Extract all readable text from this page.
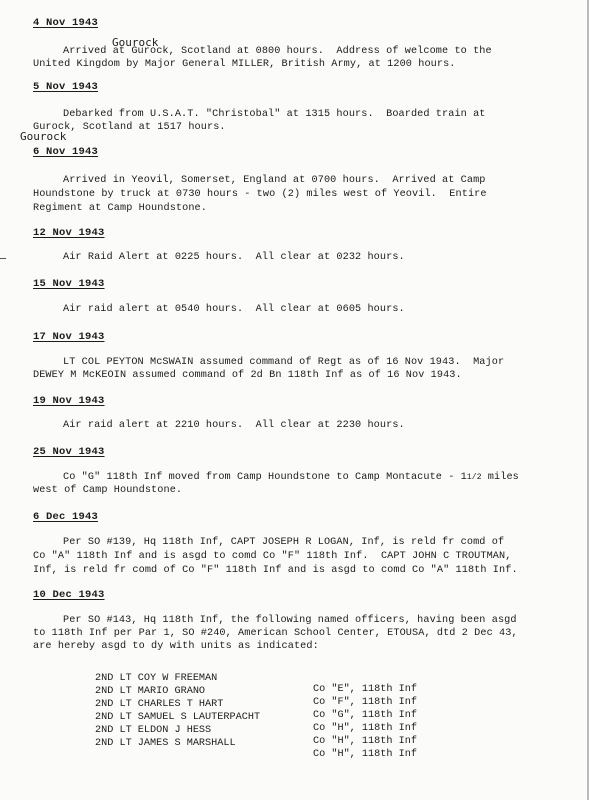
4 Nov 1943
Gourock
Arrived at Gurock, Scotland at 0800 hours.  Address of welcome to the
United Kingdom by Major General MILLER, British Army, at 1200 hours.
5 Nov 1943
Debarked from U.S.A.T. "Christobal" at 1315 hours.  Boarded train at
Gurock, Scotland at 1517 hours.
Gourock
6 Nov 1943
Arrived in Yeovil, Somerset, England at 0700 hours.  Arrived at Camp
Houndstone by truck at 0730 hours - two (2) miles west of Yeovil.  Entire
Regiment at Camp Houndstone.
12 Nov 1943
Air Raid Alert at 0225 hours.  All clear at 0232 hours.
15 Nov 1943
Air raid alert at 0540 hours.  All clear at 0605 hours.
17 Nov 1943
LT COL PEYTON McSWAIN assumed command of Regt as of 16 Nov 1943.  Major
DEWEY M McKEOIN assumed command of 2d Bn 118th Inf as of 16 Nov 1943.
19 Nov 1943
Air raid alert at 2210 hours.  All clear at 2230 hours.
25 Nov 1943
Co "G" 118th Inf moved from Camp Houndstone to Camp Montacute - 11/2 miles
west of Camp Houndstone.
6 Dec 1943
Per SO #139, Hq 118th Inf, CAPT JOSEPH R LOGAN, Inf, is reld fr comd of
Co "A" 118th Inf and is asgd to comd Co "F" 118th Inf.  CAPT JOHN C TROUTMAN,
Inf, is reld fr comd of Co "F" 118th Inf and is asgd to comd Co "A" 118th Inf.
10 Dec 1943
Per SO #143, Hq 118th Inf, the following named officers, having been asgd
to 118th Inf per Par 1, SO #240, American School Center, ETOUSA, dtd 2 Dec 43,
are hereby asgd to dy with units as indicated:

2ND LT COY W FREEMAN

Co "E", 118th Inf

2ND LT MARIO GRANO

Co "F", 118th Inf

2ND LT CHARLES T HART

Co "G", 118th Inf

2ND LT SAMUEL S LAUTERPACHT

Co "H", 118th Inf

2ND LT ELDON J HESS

Co "H", 118th Inf

2ND LT JAMES S MARSHALL

Co "H", 118th Inf
